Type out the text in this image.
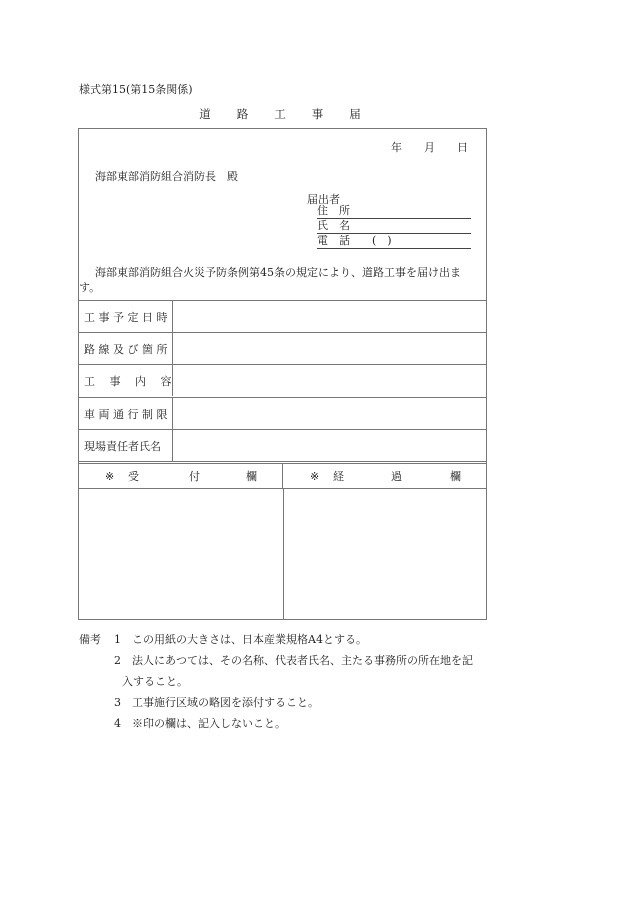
様式第15(第15条関係)
道 路 工 事 届
年 月 日
海部東部消防組合消防長　殿
届出者
住　所
氏　名
電　話　　(　)
海部東部消防組合火災予防条例第45条の規定により、道路工事を届け出ま
す。
工 事 予 定 日 時
路 線 及 び 箇 所
工　 事　 内　 容
車 両 通 行 制 限
現場責任者氏名
※ 受	付	欄	※ 経	過	欄
備考 1 この用紙の大きさは、日本産業規格A4とする。
2 法人にあつては、その名称、代表者氏名、主たる事務所の所在地を記
入すること。
3 工事施行区域の略図を添付すること。
4 ※印の欄は、記入しないこと。
